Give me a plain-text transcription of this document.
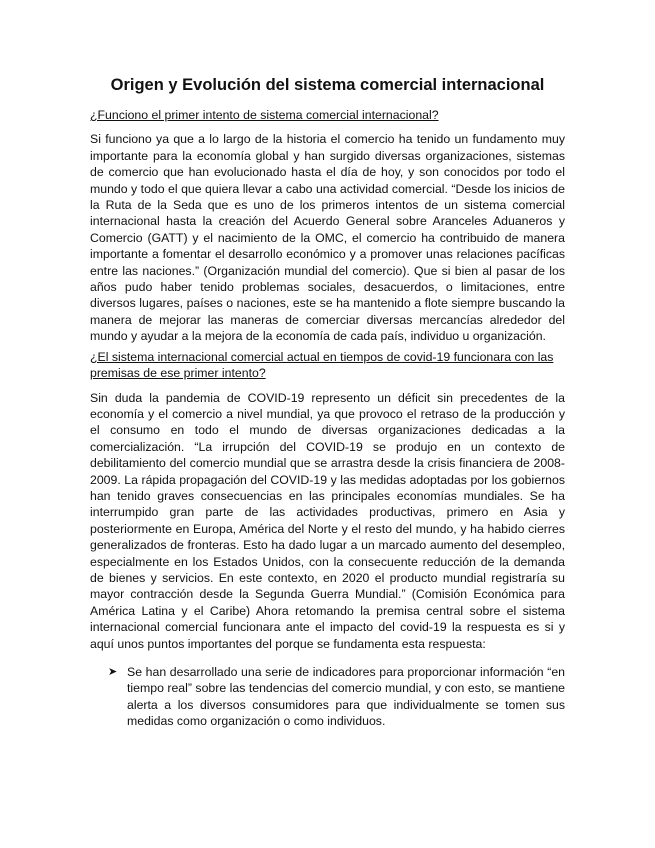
Origen y Evolución del sistema comercial internacional

¿Funciono el primer intento de sistema comercial internacional?

Si funciono ya que a lo largo de la historia el comercio ha tenido un fundamento muy importante para la economía global y han surgido diversas organizaciones, sistemas de comercio que han evolucionado hasta el día de hoy, y son conocidos por todo el mundo y todo el que quiera llevar a cabo una actividad comercial. “Desde los inicios de la Ruta de la Seda que es uno de los primeros intentos de un sistema comercial internacional hasta la creación del Acuerdo General sobre Aranceles Aduaneros y Comercio (GATT) y el nacimiento de la OMC, el comercio ha contribuido de manera importante a fomentar el desarrollo económico y a promover unas relaciones pacíficas entre las naciones.” (Organización mundial del comercio). Que si bien al pasar de los años pudo haber tenido problemas sociales, desacuerdos, o limitaciones, entre diversos lugares, países o naciones, este se ha mantenido a flote siempre buscando la manera de mejorar las maneras de comerciar diversas mercancías alrededor del mundo y ayudar a la mejora de la economía de cada país, individuo u organización.

¿El sistema internacional comercial actual en tiempos de covid-19 funcionara con las premisas de ese primer intento?

Sin duda la pandemia de COVID-19 represento un déficit sin precedentes de la economía y el comercio a nivel mundial, ya que provoco el retraso de la producción y el consumo en todo el mundo de diversas organizaciones dedicadas a la comercialización. “La irrupción del COVID-19 se produjo en un contexto de debilitamiento del comercio mundial que se arrastra desde la crisis financiera de 2008-2009. La rápida propagación del COVID-19 y las medidas adoptadas por los gobiernos han tenido graves consecuencias en las principales economías mundiales. Se ha interrumpido gran parte de las actividades productivas, primero en Asia y posteriormente en Europa, América del Norte y el resto del mundo, y ha habido cierres generalizados de fronteras. Esto ha dado lugar a un marcado aumento del desempleo, especialmente en los Estados Unidos, con la consecuente reducción de la demanda de bienes y servicios. En este contexto, en 2020 el producto mundial registraría su mayor contracción desde la Segunda Guerra Mundial.” (Comisión Económica para América Latina y el Caribe) Ahora retomando la premisa central sobre el sistema internacional comercial funcionara ante el impacto del covid-19 la respuesta es si y aquí unos puntos importantes del porque se fundamenta esta respuesta:

➤ Se han desarrollado una serie de indicadores para proporcionar información “en tiempo real” sobre las tendencias del comercio mundial, y con esto, se mantiene alerta a los diversos consumidores para que individualmente se tomen sus medidas como organización o como individuos.
